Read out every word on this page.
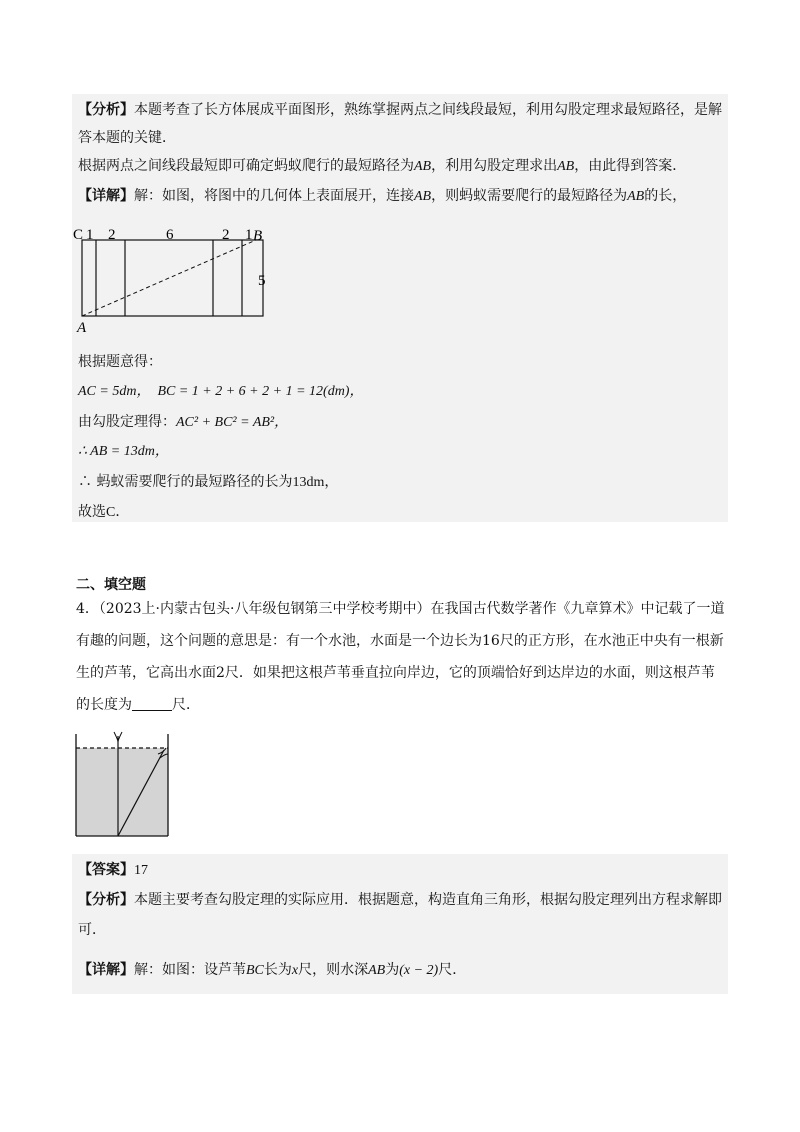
【分析】本题考查了长方体展成平面图形，熟练掌握两点之间线段最短，利用勾股定理求最短路径，是解
答本题的关键．
根据两点之间线段最短即可确定蚂蚁爬行的最短路径为AB，利用勾股定理求出AB，由此得到答案．
【详解】解：如图，将图中的几何体上表面展开，连接AB，则蚂蚁需要爬行的最短路径为AB的长，
C 1 2	6	2 1 B
5
A
根据题意得：
AC = 5dm， BC = 1 + 2 + 6 + 2 + 1 = 12(dm)，
由勾股定理得：AC² + BC² = AB²，
∴ AB = 13dm，
∴ 蚂蚁需要爬行的最短路径的长为13dm，
故选C．
二、填空题
4．（2023上·内蒙古包头·八年级包钢第三中学校考期中）在我国古代数学著作《九章算术》中记载了一道
有趣的问题，这个问题的意思是：有一个水池，水面是一个边长为16尺的正方形，在水池正中央有一根新
生的芦苇，它高出水面2尺．如果把这根芦苇垂直拉向岸边，它的顶端恰好到达岸边的水面，则这根芦苇
的长度为	尺．
【答案】17
【分析】本题主要考查勾股定理的实际应用．根据题意，构造直角三角形，根据勾股定理列出方程求解即
可．
【详解】解：如图：设芦苇BC长为x尺，则水深AB为(x − 2)尺．
